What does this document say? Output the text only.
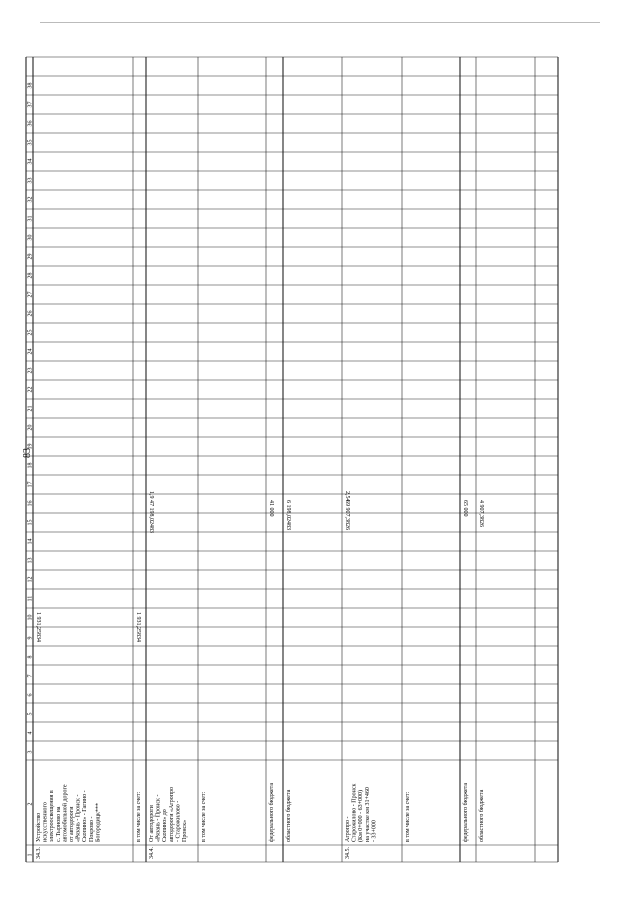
83
1
2
3
4
5
6
7
8
9
10
11
12
13
14
15
16
17
18
19
20
21
22
23
24
25
26
27
28
29
30
31
32
33
34
35
36
37
38
34.3.
Устройство искусственного электроосвещения в с. Тырново на автомобильной дороге от автодороги «Рязань - Пронск - Скопино» - Гагино - Покрово - Богородицк***
1 931,25834
в том числе за счет:
1 931,25834
34.4.
От автодороги «Рязань - Пронск - Скопино» до автодороги «Агропро - Старожилово - Пронск»
47 198,02483
1,9
в том числе за счет:	федерального бюджета
41 000
областного бюджета
6 198,02483
34.5.
Агропро - Старожилово - Пронск (Км 0+000 - 63+000) на участке км 31+460 - 33+000
69 907,3826
2,54
в том числе за счет:	федерального бюджета
65 000
областного бюджета
4 907,3826
